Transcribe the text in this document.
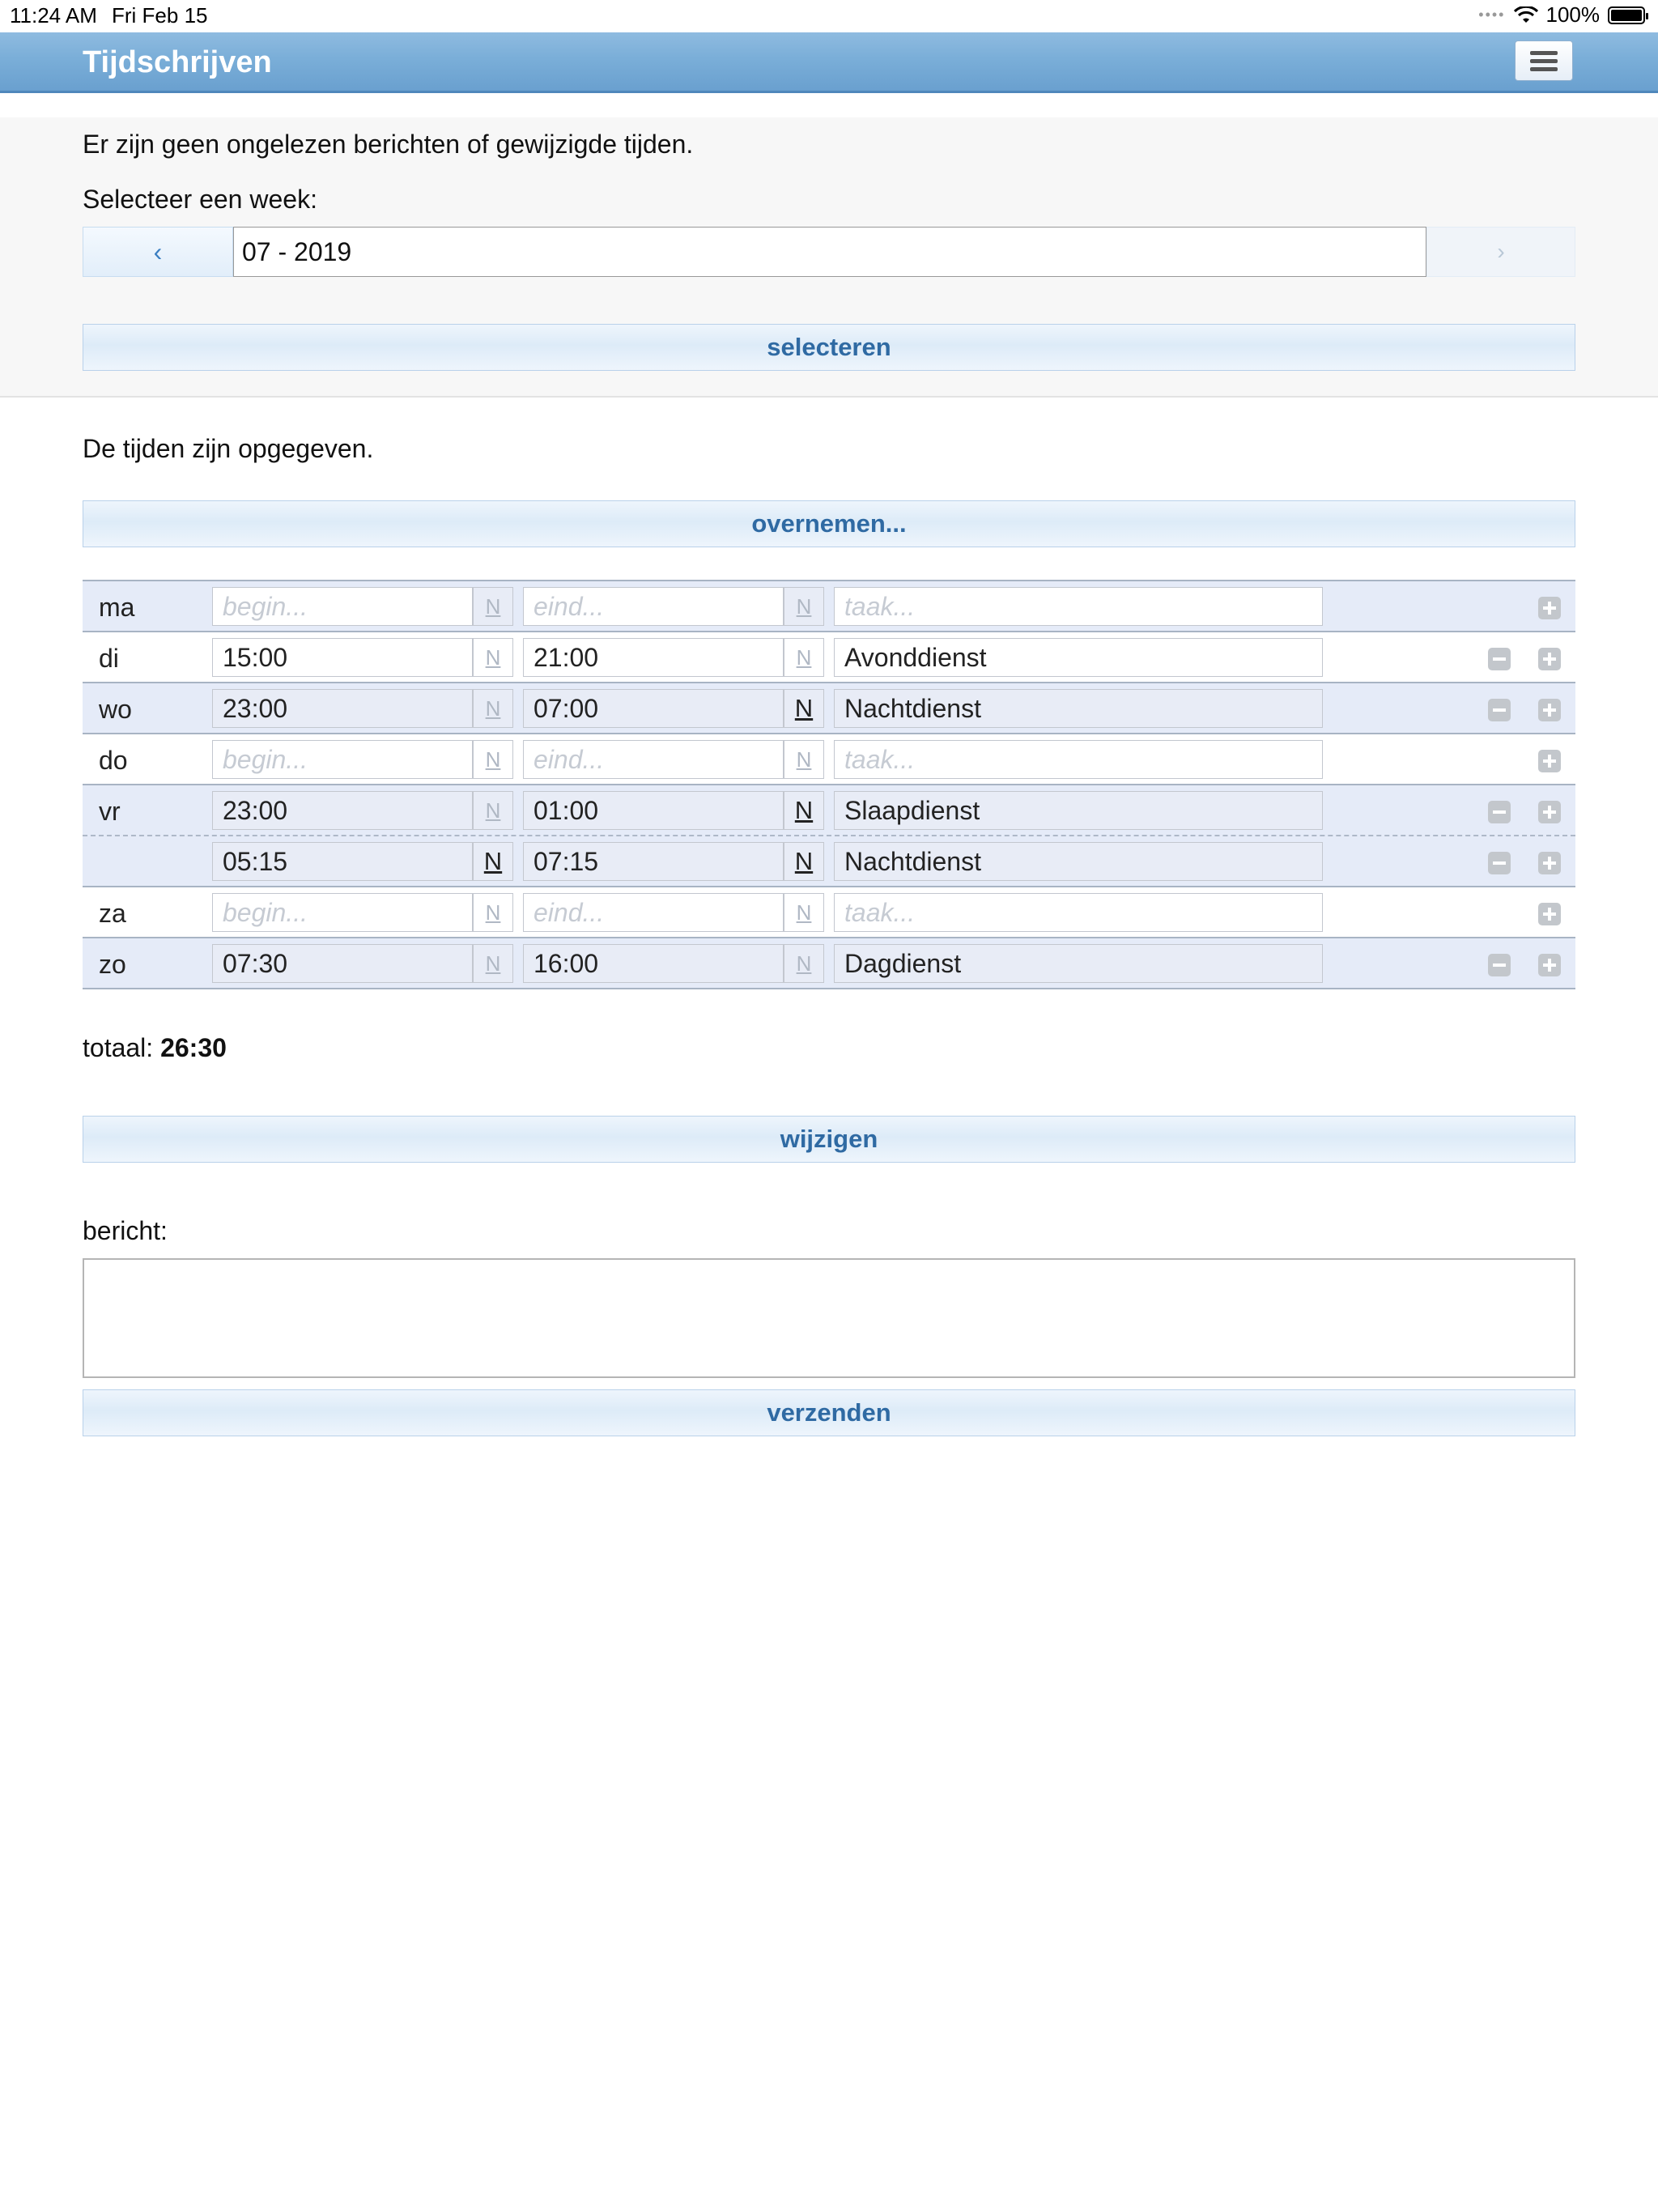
11:24 AM Fri Feb 15	•••• 100%
Tijdschrijven
Er zijn geen ongelezen berichten of gewijzigde tijden.
Selecteer een week:
‹	07 - 2019	›
selecteren
De tijden zijn opgegeven.
overnemen...
ma	begin...	N	eind...	N	taak...
di	15:00	N	21:00	N	Avonddienst
wo	23:00	N	07:00	N	Nachtdienst
do	begin...	N	eind...	N	taak...
vr	23:00	N	01:00	N	Slaapdienst
05:15	N	07:15	N	Nachtdienst
za	begin...	N	eind...	N	taak...
zo	07:30	N	16:00	N	Dagdienst
totaal: 26:30
wijzigen
bericht:
verzenden
